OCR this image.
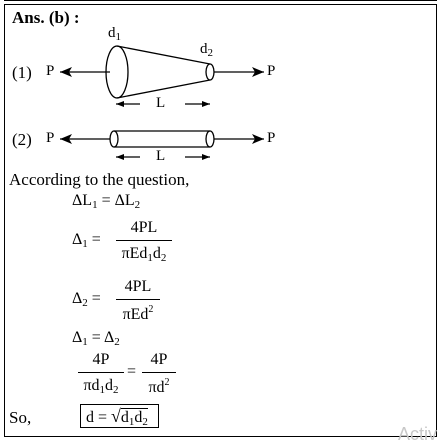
Ans. (b) :
(1)
$d_1$
$d_2$
P	P
L
(2) P	P
L
According to the question,
$\Delta L_1 = \Delta L_2$
$\Delta_1$ =
4PL
$\pi Ed_1d_2$
$\Delta_2$ =
4PL
πEd$^2$
$\Delta_1 = \Delta_2$
4P
$\pi d_1d_2$
=
4P
$\pi d^2$
So,	$d = √d_1d_2$
Activ
